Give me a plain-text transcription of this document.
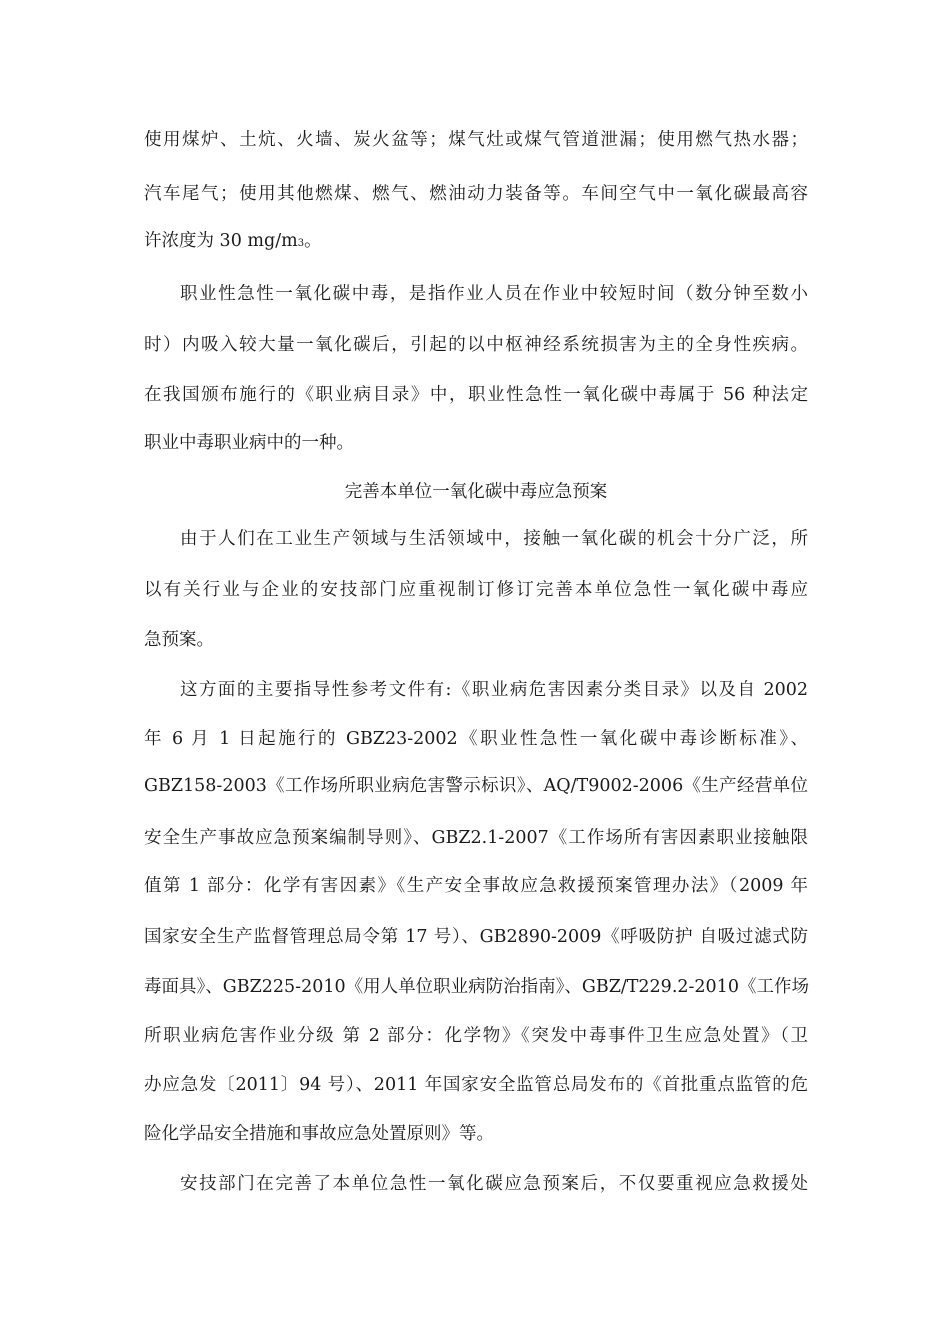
使用煤炉、土炕、火墙、炭火盆等；煤气灶或煤气管道泄漏；使用燃气热水器；
汽车尾气；使用其他燃煤、燃气、燃油动力装备等。车间空气中一氧化碳最高容
许浓度为 30 mg/m3。
职业性急性一氧化碳中毒，是指作业人员在作业中较短时间（数分钟至数小
时）内吸入较大量一氧化碳后，引起的以中枢神经系统损害为主的全身性疾病。
在我国颁布施行的《职业病目录》中，职业性急性一氧化碳中毒属于 56 种法定
职业中毒职业病中的一种。
完善本单位一氧化碳中毒应急预案
由于人们在工业生产领域与生活领域中，接触一氧化碳的机会十分广泛，所
以有关行业与企业的安技部门应重视制订修订完善本单位急性一氧化碳中毒应
急预案。
这方面的主要指导性参考文件有:《职业病危害因素分类目录》以及自 2002
年 6 月 1 日起施行的 GBZ23-2002《职业性急性一氧化碳中毒诊断标准》、
GBZ158-2003《工作场所职业病危害警示标识》、AQ/T9002-2006《生产经营单位
安全生产事故应急预案编制导则》、GBZ2.1-2007《工作场所有害因素职业接触限
值第 1 部分：化学有害因素》《生产安全事故应急救援预案管理办法》（2009 年
国家安全生产监督管理总局令第 17 号）、GB2890-2009《呼吸防护 自吸过滤式防
毒面具》、GBZ225-2010《用人单位职业病防治指南》、GBZ/T229.2-2010《工作场
所职业病危害作业分级 第 2 部分：化学物》《突发中毒事件卫生应急处置》（卫
办应急发〔2011〕94 号）、2011 年国家安全监管总局发布的《首批重点监管的危
险化学品安全措施和事故应急处置原则》等。
安技部门在完善了本单位急性一氧化碳应急预案后，不仅要重视应急救援处
